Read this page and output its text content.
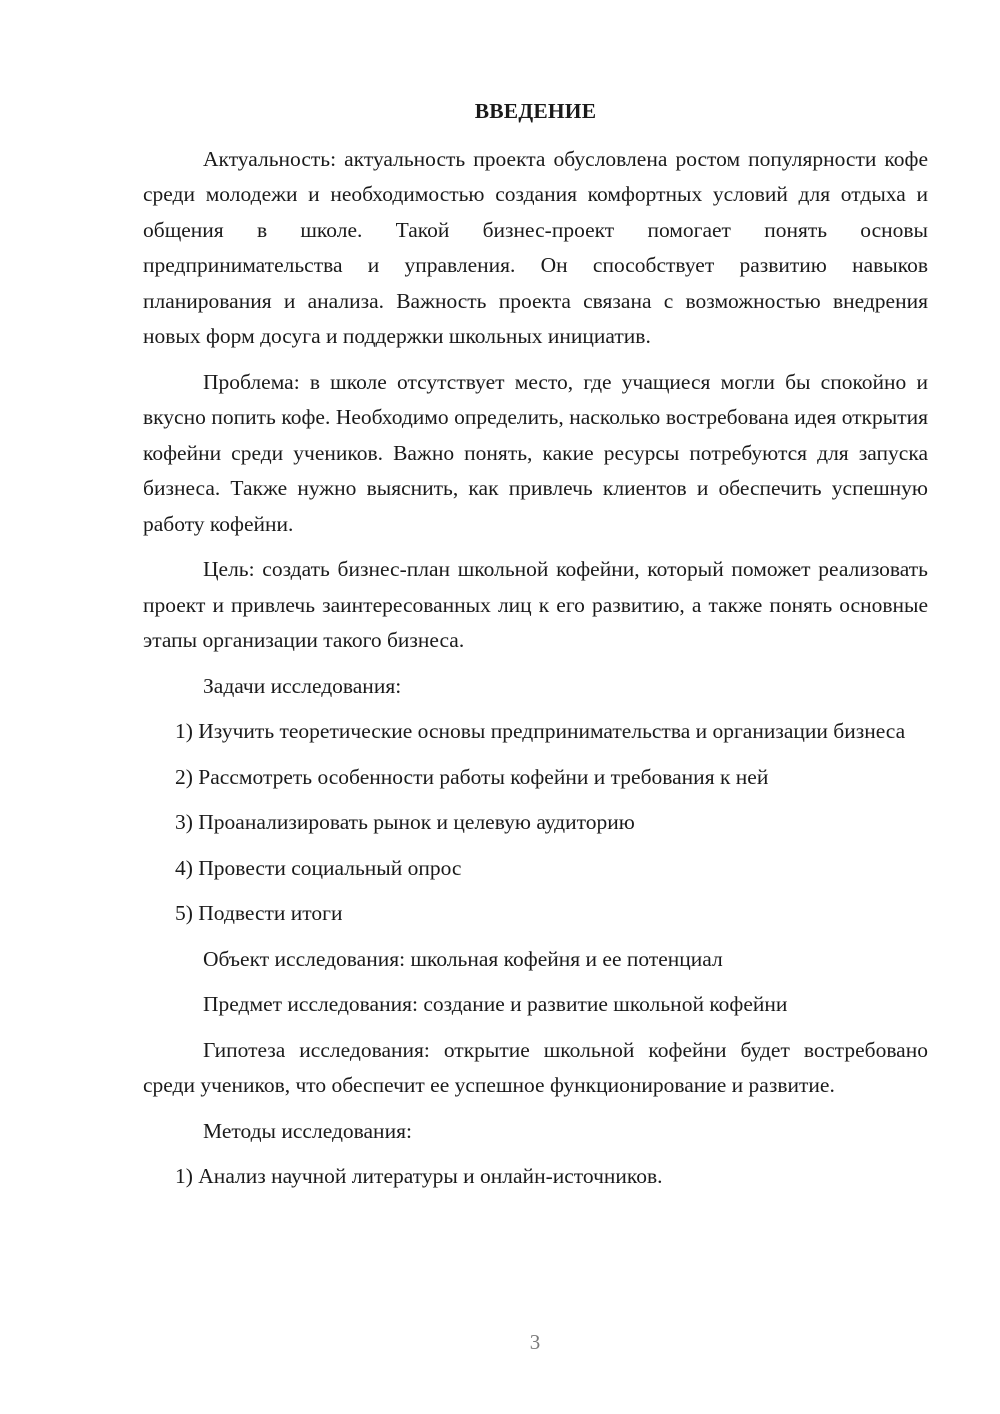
ВВЕДЕНИЕ

Актуальность: актуальность проекта обусловлена ростом популярности кофе среди молодежи и необходимостью создания комфортных условий для отдыха и общения в школе. Такой бизнес-проект помогает понять основы предпринимательства и управления. Он способствует развитию навыков планирования и анализа. Важность проекта связана с возможностью внедрения новых форм досуга и поддержки школьных инициатив.

Проблема: в школе отсутствует место, где учащиеся могли бы спокойно и вкусно попить кофе. Необходимо определить, насколько востребована идея открытия кофейни среди учеников. Важно понять, какие ресурсы потребуются для запуска бизнеса. Также нужно выяснить, как привлечь клиентов и обеспечить успешную работу кофейни.

Цель: создать бизнес-план школьной кофейни, который поможет реализовать проект и привлечь заинтересованных лиц к его развитию, а также понять основные этапы организации такого бизнеса.

Задачи исследования:

1) Изучить теоретические основы предпринимательства и организации бизнеса

2) Рассмотреть особенности работы кофейни и требования к ней

3) Проанализировать рынок и целевую аудиторию

4) Провести социальный опрос

5) Подвести итоги

Объект исследования: школьная кофейня и ее потенциал

Предмет исследования: создание и развитие школьной кофейни

Гипотеза исследования: открытие школьной кофейни будет востребовано среди учеников, что обеспечит ее успешное функционирование и развитие.

Методы исследования:

1) Анализ научной литературы и онлайн-источников.

3
